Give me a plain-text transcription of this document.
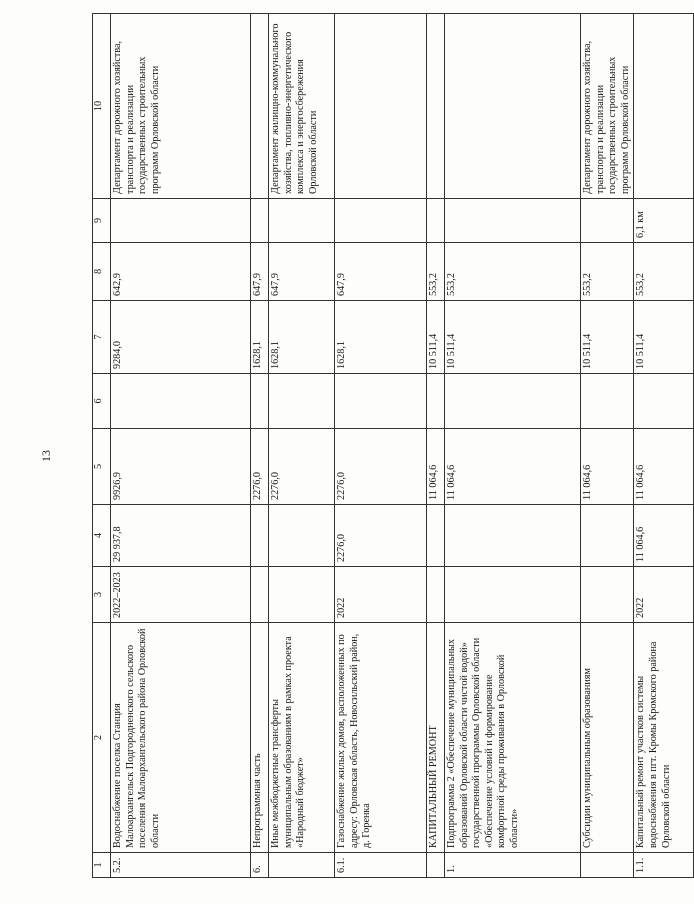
13
1	2	3	4	5	6	7	8	9	10
5.2.	Водоснабжение поселка Станция Малоархангельск Подгородненского сельского поселения Малоархангельского района Орловской области	2022–2023	29 937,8	9926,9		9284,0	642,9		Департамент дорожного хозяйства, транспорта и реализации государственных строительных программ Орловской области
6.	Непрограммная часть			2276,0		1628,1	647,9		
	Иные межбюджетные трансферты муниципальным образованиям в рамках проекта «Народный бюджет»			2276,0		1628,1	647,9		Департамент жилищно-коммунального хозяйства, топливно-энергетического комплекса и энергосбережения Орловской области
6.1.	Газоснабжение жилых домов, расположенных по адресу: Орловская область, Новосильский район, д. Горенка	2022	2276,0	2276,0		1628,1	647,9		
	КАПИТАЛЬНЫЙ РЕМОНТ			11 064,6		10 511,4	553,2		
1.	Подпрограмма 2 «Обеспечение муниципальных образований Орловской области чистой водой» государственной программы Орловской области «Обеспечение условий и формирование комфортной среды проживания в Орловской области»			11 064,6		10 511,4	553,2		
	Субсидии муниципальным образованиям			11 064,6		10 511,4	553,2		Департамент дорожного хозяйства, транспорта и реализации государственных строительных программ Орловской области
1.1.	Капитальный ремонт участков системы водоснабжения в пгт. Кромы Кромского района Орловской области	2022	11 064,6	11 064,6		10 511,4	553,2	6,1 км	
